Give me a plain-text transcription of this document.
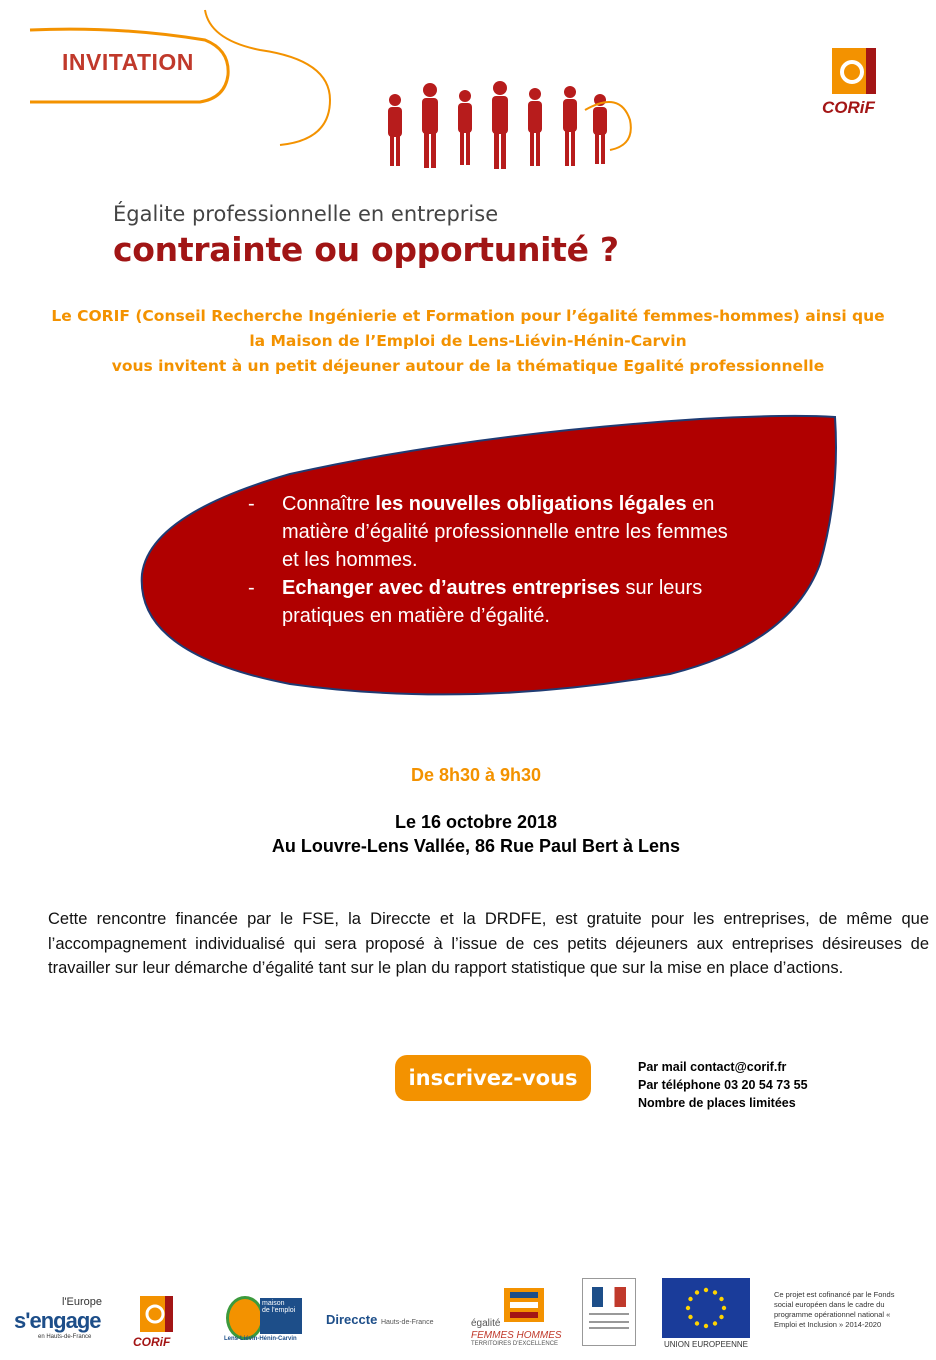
INVITATION
CORiF
Égalite professionnelle en entreprise
contrainte ou opportunité ?
Le CORIF (Conseil Recherche Ingénierie et Formation pour l’égalité femmes-hommes) ainsi que
la Maison de l’Emploi de Lens-Liévin-Hénin-Carvin
vous invitent à un petit déjeuner autour de la thématique Egalité professionnelle
-	Connaître les nouvelles obligations légales en matière d’égalité professionnelle entre les femmes et les hommes.
-	Echanger avec d’autres entreprises sur leurs pratiques en matière d’égalité.
De 8h30 à 9h30
Le 16 octobre 2018
Au Louvre-Lens Vallée, 86 Rue Paul Bert à Lens
Cette rencontre financée par le FSE, la Direccte et la DRDFE, est gratuite pour les entreprises, de même que l’accompagnement individualisé qui sera proposé à l’issue de ces petits déjeuners aux entreprises désireuses de travailler sur leur démarche d’égalité tant sur le plan du rapport statistique que sur la mise en place d’actions.
inscrivez-vous	Par mail contact@corif.fr
Par téléphone 03 20 54 73 55
Nombre de places limitées
l'Europe
s'engage
en Hauts-de-France	CORiF
maison
de l'emploi
Lens-Liévin-Hénin-Carvin
Direccte Hauts-de-France	égalité
FEMMES HOMMES
TERRITOIRES D'EXCELLENCE	UNION EUROPEENNE
Ce projet est cofinancé par le Fonds social européen dans le cadre du programme opérationnel national « Emploi et Inclusion » 2014-2020
